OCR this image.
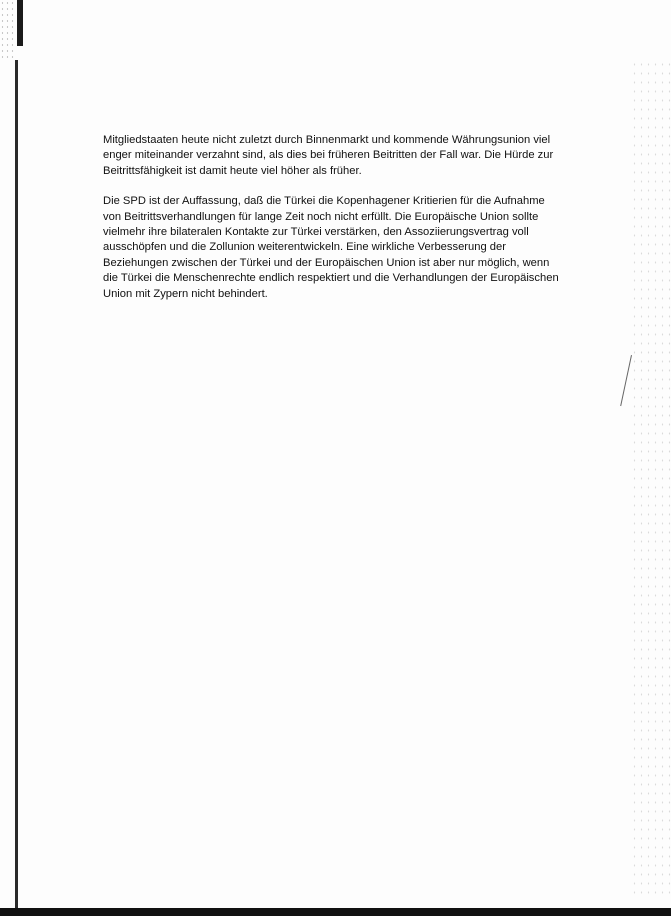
Mitgliedstaaten heute nicht zuletzt durch Binnenmarkt und kommende Währungsunion viel
enger miteinander verzahnt sind, als dies bei früheren Beitritten der Fall war. Die Hürde zur
Beitrittsfähigkeit ist damit heute viel höher als früher.

Die SPD ist der Auffassung, daß die Türkei die Kopenhagener Kritierien für die Aufnahme
von Beitrittsverhandlungen für lange Zeit noch nicht erfüllt. Die Europäische Union sollte
vielmehr ihre bilateralen Kontakte zur Türkei verstärken, den Assoziierungsvertrag voll
ausschöpfen und die Zollunion weiterentwickeln. Eine wirkliche Verbesserung der
Beziehungen zwischen der Türkei und der Europäischen Union ist aber nur möglich, wenn
die Türkei die Menschenrechte endlich respektiert und die Verhandlungen der Europäischen
Union mit Zypern nicht behindert.
